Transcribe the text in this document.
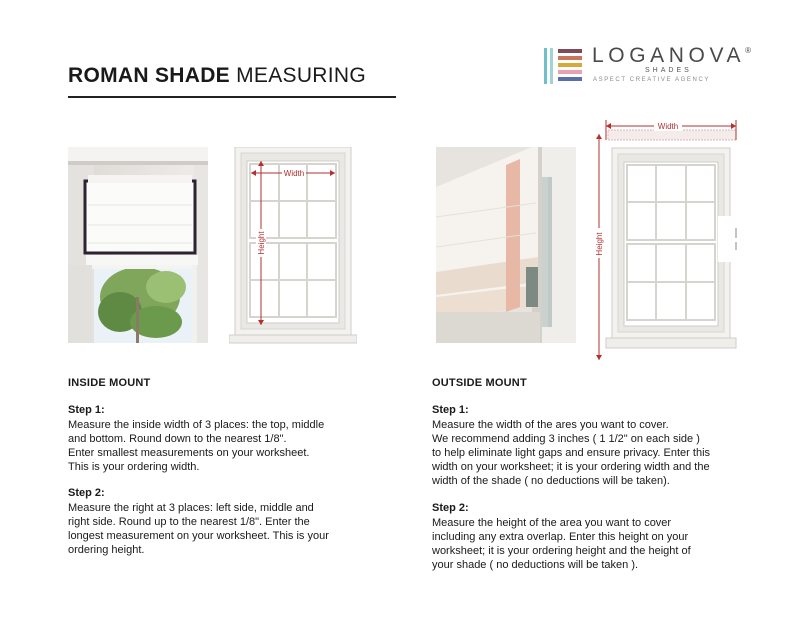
ROMAN SHADE MEASURING
LOGANOVA®
SHADES
ASPECT CREATIVE AGENCY
Width
Height
Width
Height
INSIDE MOUNT
Step 1:
Measure the inside width of 3 places: the top, middle
and bottom. Round down to the nearest 1/8".
Enter smallest measurements on your worksheet.
This is your ordering width.
Step 2:
Measure the right at 3 places: left side, middle and
right side. Round up to the nearest 1/8". Enter the
longest measurement on your worksheet. This is your
ordering height.
OUTSIDE MOUNT
Step 1:
Measure the width of the ares you want to cover.
We recommend adding 3 inches ( 1 1/2" on each side )
to help eliminate light gaps and ensure privacy. Enter this
width on your worksheet; it is your ordering width and the
width of the shade ( no deductions will be taken).
Step 2:
Measure the height of the area you want to cover
including any extra overlap. Enter this height on your
worksheet; it is your ordering height and the height of
your shade ( no deductions will be taken ).
